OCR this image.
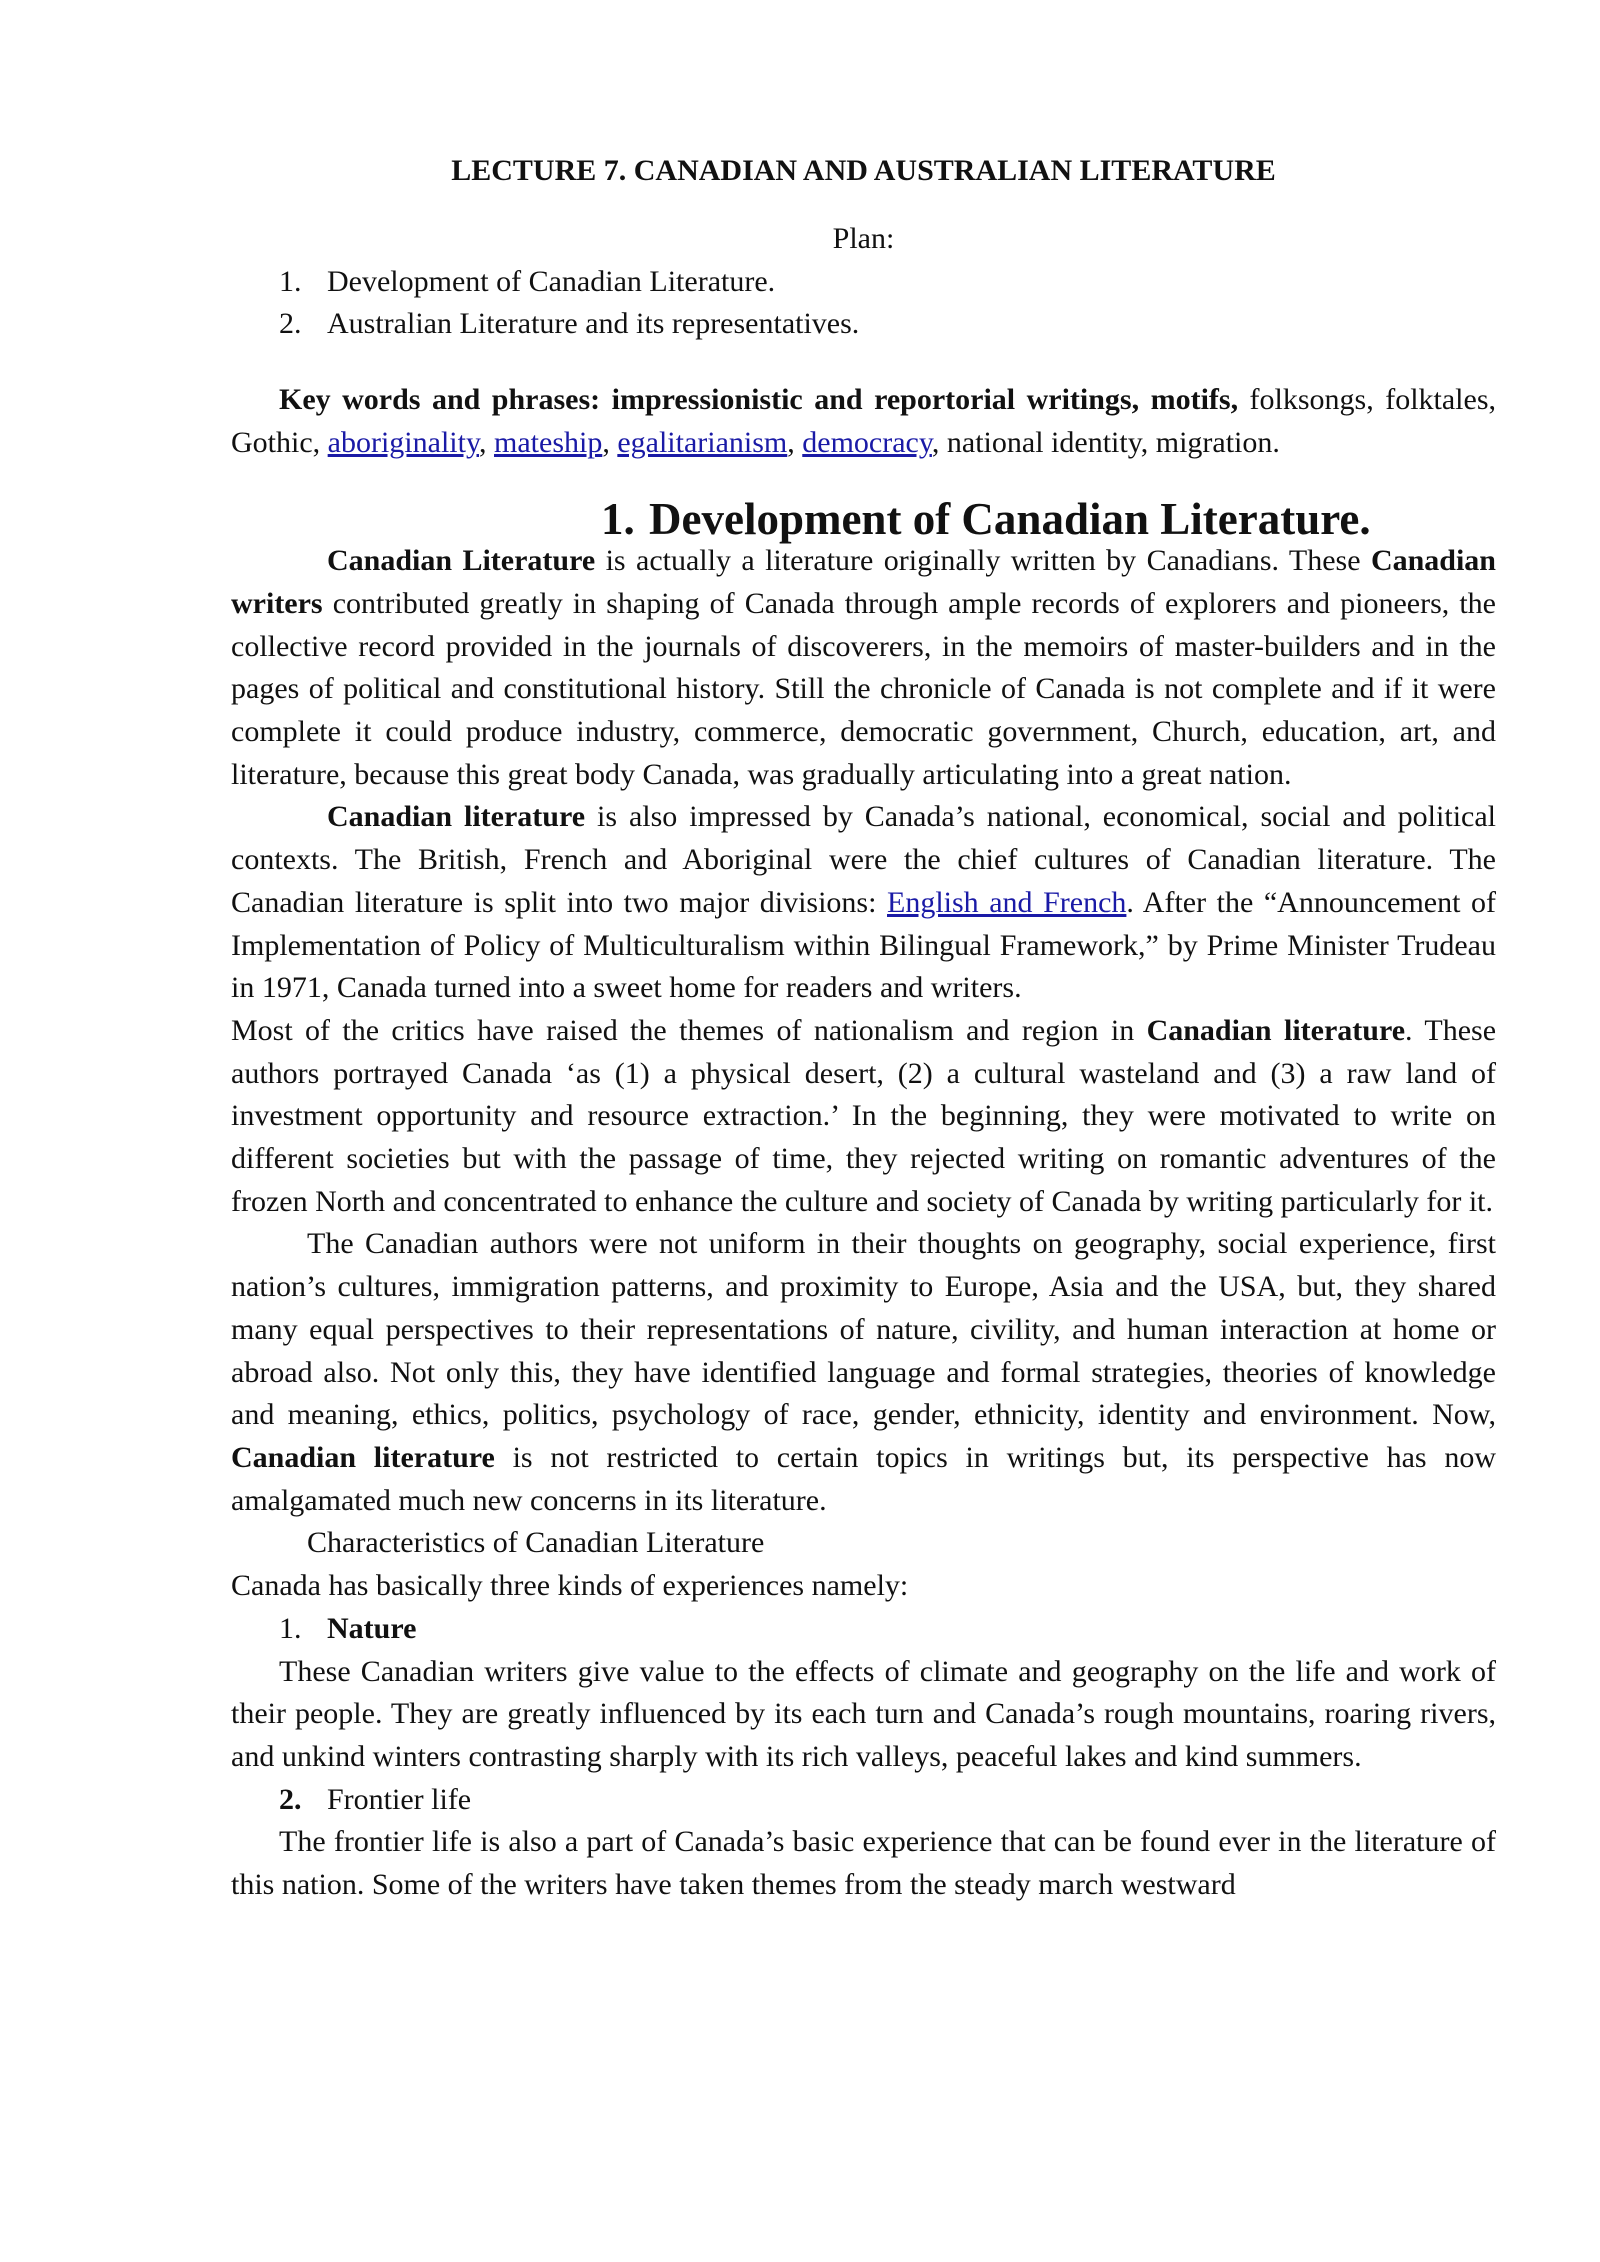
LECTURE 7. CANADIAN AND AUSTRALIAN LITERATURE

Plan:

1. Development of Canadian Literature.
2. Australian Literature and its representatives.

Key words and phrases: impressionistic and reportorial writings, motifs, folksongs, folktales, Gothic, aboriginality, mateship, egalitarianism, democracy, national identity, migration.

1. Development of Canadian Literature.

Canadian Literature is actually a literature originally written by Canadians. These Canadian writers contributed greatly in shaping of Canada through ample records of explorers and pioneers, the collective record provided in the journals of discoverers, in the memoirs of master-builders and in the pages of political and constitutional history. Still the chronicle of Canada is not complete and if it were complete it could produce industry, commerce, democratic government, Church, education, art, and literature, because this great body Canada, was gradually articulating into a great nation.

Canadian literature is also impressed by Canada’s national, economical, social and political contexts. The British, French and Aboriginal were the chief cultures of Canadian literature. The Canadian literature is split into two major divisions: English and French. After the “Announcement of Implementation of Policy of Multiculturalism within Bilingual Framework,” by Prime Minister Trudeau in 1971, Canada turned into a sweet home for readers and writers.

Most of the critics have raised the themes of nationalism and region in Canadian literature. These authors portrayed Canada ‘as (1) a physical desert, (2) a cultural wasteland and (3) a raw land of investment opportunity and resource extraction.’ In the beginning, they were motivated to write on different societies but with the passage of time, they rejected writing on romantic adventures of the frozen North and concentrated to enhance the culture and society of Canada by writing particularly for it.

The Canadian authors were not uniform in their thoughts on geography, social experience, first nation’s cultures, immigration patterns, and proximity to Europe, Asia and the USA, but, they shared many equal perspectives to their representations of nature, civility, and human interaction at home or abroad also. Not only this, they have identified language and formal strategies, theories of knowledge and meaning, ethics, politics, psychology of race, gender, ethnicity, identity and environment. Now, Canadian literature is not restricted to certain topics in writings but, its perspective has now amalgamated much new concerns in its literature.

Characteristics of Canadian Literature

Canada has basically three kinds of experiences namely:

1. Nature

These Canadian writers give value to the effects of climate and geography on the life and work of their people. They are greatly influenced by its each turn and Canada’s rough mountains, roaring rivers, and unkind winters contrasting sharply with its rich valleys, peaceful lakes and kind summers.

2. Frontier life

The frontier life is also a part of Canada’s basic experience that can be found ever in the literature of this nation. Some of the writers have taken themes from the steady march westward
